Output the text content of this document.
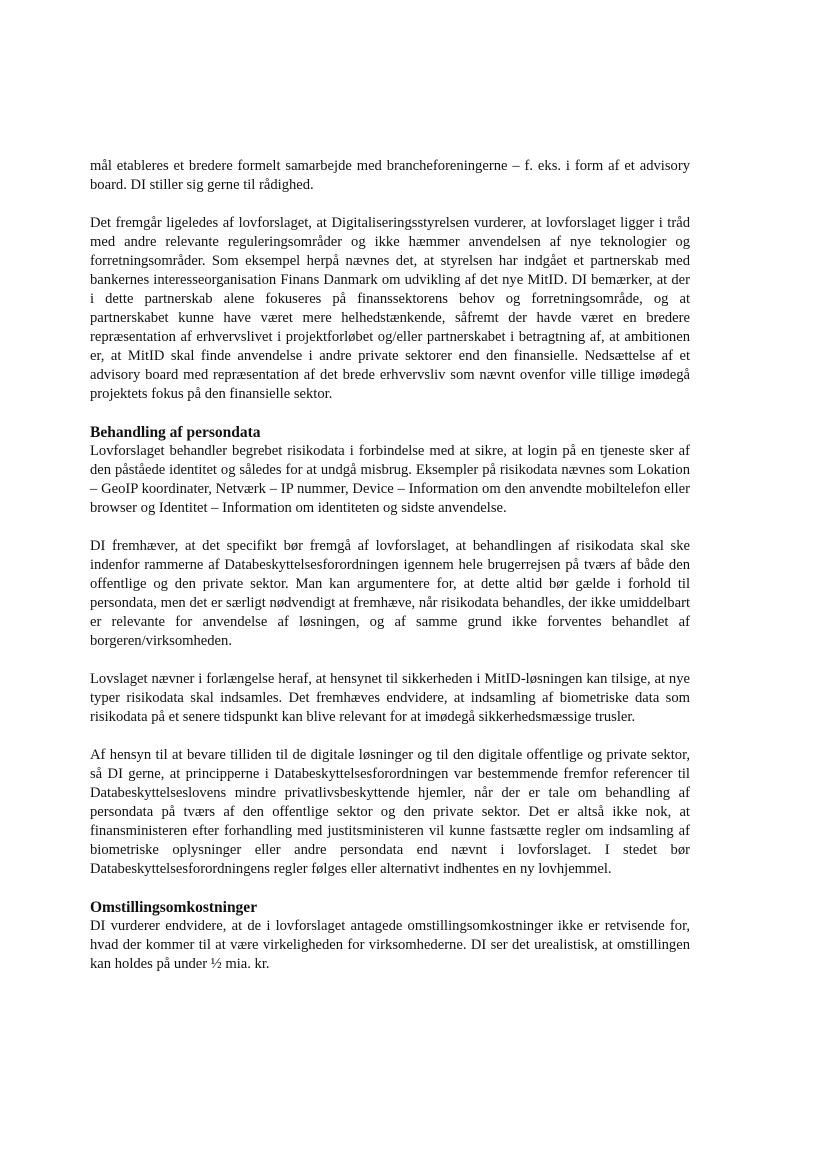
mål etableres et bredere formelt samarbejde med brancheforeningerne – f. eks. i form af et advisory board. DI stiller sig gerne til rådighed.

Det fremgår ligeledes af lovforslaget, at Digitaliseringsstyrelsen vurderer, at lovforslaget ligger i tråd med andre relevante reguleringsområder og ikke hæmmer anvendelsen af nye teknologier og forretningsområder. Som eksempel herpå nævnes det, at styrelsen har indgået et partnerskab med bankernes interesseorganisation Finans Danmark om udvikling af det nye MitID. DI bemærker, at der i dette partnerskab alene fokuseres på finanssektorens behov og forretningsområde, og at partnerskabet kunne have været mere helhedstænkende, såfremt der havde været en bredere repræsentation af erhvervslivet i projektforløbet og/eller partnerskabet i betragtning af, at ambitionen er, at MitID skal finde anvendelse i andre private sektorer end den finansielle. Nedsættelse af et advisory board med repræsentation af det brede erhvervsliv som nævnt ovenfor ville tillige imødegå projektets fokus på den finansielle sektor.

Behandling af persondata

Lovforslaget behandler begrebet risikodata i forbindelse med at sikre, at login på en tjeneste sker af den påståede identitet og således for at undgå misbrug. Eksempler på risikodata nævnes som Lokation – GeoIP koordinater, Netværk – IP nummer, Device – Information om den anvendte mobiltelefon eller browser og Identitet – Information om identiteten og sidste anvendelse.

DI fremhæver, at det specifikt bør fremgå af lovforslaget, at behandlingen af risikodata skal ske indenfor rammerne af Databeskyttelsesforordningen igennem hele brugerrejsen på tværs af både den offentlige og den private sektor. Man kan argumentere for, at dette altid bør gælde i forhold til persondata, men det er særligt nødvendigt at fremhæve, når risikodata behandles, der ikke umiddelbart er relevante for anvendelse af løsningen, og af samme grund ikke forventes behandlet af borgeren/virksomheden.

Lovslaget nævner i forlængelse heraf, at hensynet til sikkerheden i MitID-løsningen kan tilsige, at nye typer risikodata skal indsamles. Det fremhæves endvidere, at indsamling af biometriske data som risikodata på et senere tidspunkt kan blive relevant for at imødegå sikkerhedsmæssige trusler.

Af hensyn til at bevare tilliden til de digitale løsninger og til den digitale offentlige og private sektor, så DI gerne, at principperne i Databeskyttelsesforordningen var bestemmende fremfor referencer til Databeskyttelseslovens mindre privatlivsbeskyttende hjemler, når der er tale om behandling af persondata på tværs af den offentlige sektor og den private sektor. Det er altså ikke nok, at finansministeren efter forhandling med justitsministeren vil kunne fastsætte regler om indsamling af biometriske oplysninger eller andre persondata end nævnt i lovforslaget. I stedet bør Databeskyttelsesforordningens regler følges eller alternativt indhentes en ny lovhjemmel.

Omstillingsomkostninger

DI vurderer endvidere, at de i lovforslaget antagede omstillingsomkostninger ikke er retvisende for, hvad der kommer til at være virkeligheden for virksomhederne. DI ser det urealistisk, at omstillingen kan holdes på under ½ mia. kr.
